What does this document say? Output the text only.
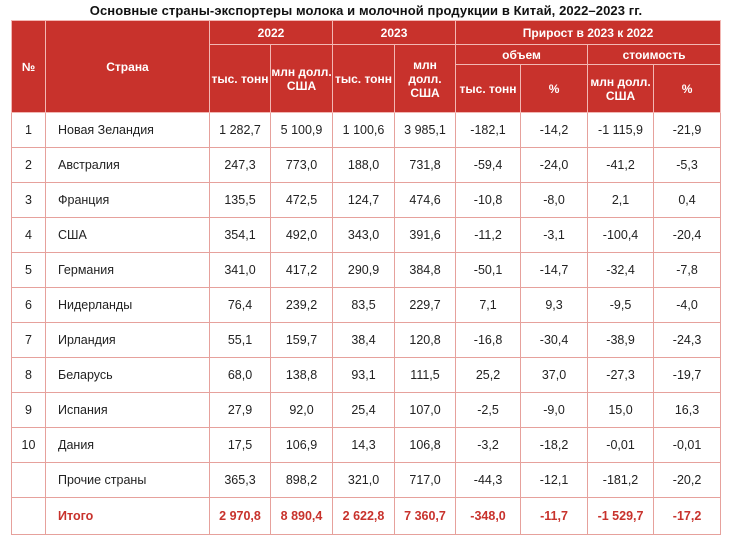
Основные страны-экспортеры молока и молочной продукции в Китай, 2022–2023 гг.
№	Страна	2022		2023		Прирост в 2023 к 2022			
		тыс. тонн	млн долл. США	тыс. тонн	млн долл. США	объем		стоимость	
						тыс. тонн	%	млн долл. США	%
1	Новая Зеландия	1 282,7	5 100,9	1 100,6	3 985,1	-182,1	-14,2	-1 115,9	-21,9
2	Австралия	247,3	773,0	188,0	731,8	-59,4	-24,0	-41,2	-5,3
3	Франция	135,5	472,5	124,7	474,6	-10,8	-8,0	2,1	0,4
4	США	354,1	492,0	343,0	391,6	-11,2	-3,1	-100,4	-20,4
5	Германия	341,0	417,2	290,9	384,8	-50,1	-14,7	-32,4	-7,8
6	Нидерланды	76,4	239,2	83,5	229,7	7,1	9,3	-9,5	-4,0
7	Ирландия	55,1	159,7	38,4	120,8	-16,8	-30,4	-38,9	-24,3
8	Беларусь	68,0	138,8	93,1	111,5	25,2	37,0	-27,3	-19,7
9	Испания	27,9	92,0	25,4	107,0	-2,5	-9,0	15,0	16,3
10	Дания	17,5	106,9	14,3	106,8	-3,2	-18,2	-0,01	-0,01
	Прочие страны	365,3	898,2	321,0	717,0	-44,3	-12,1	-181,2	-20,2
	Итого	2 970,8	8 890,4	2 622,8	7 360,7	-348,0	-11,7	-1 529,7	-17,2
